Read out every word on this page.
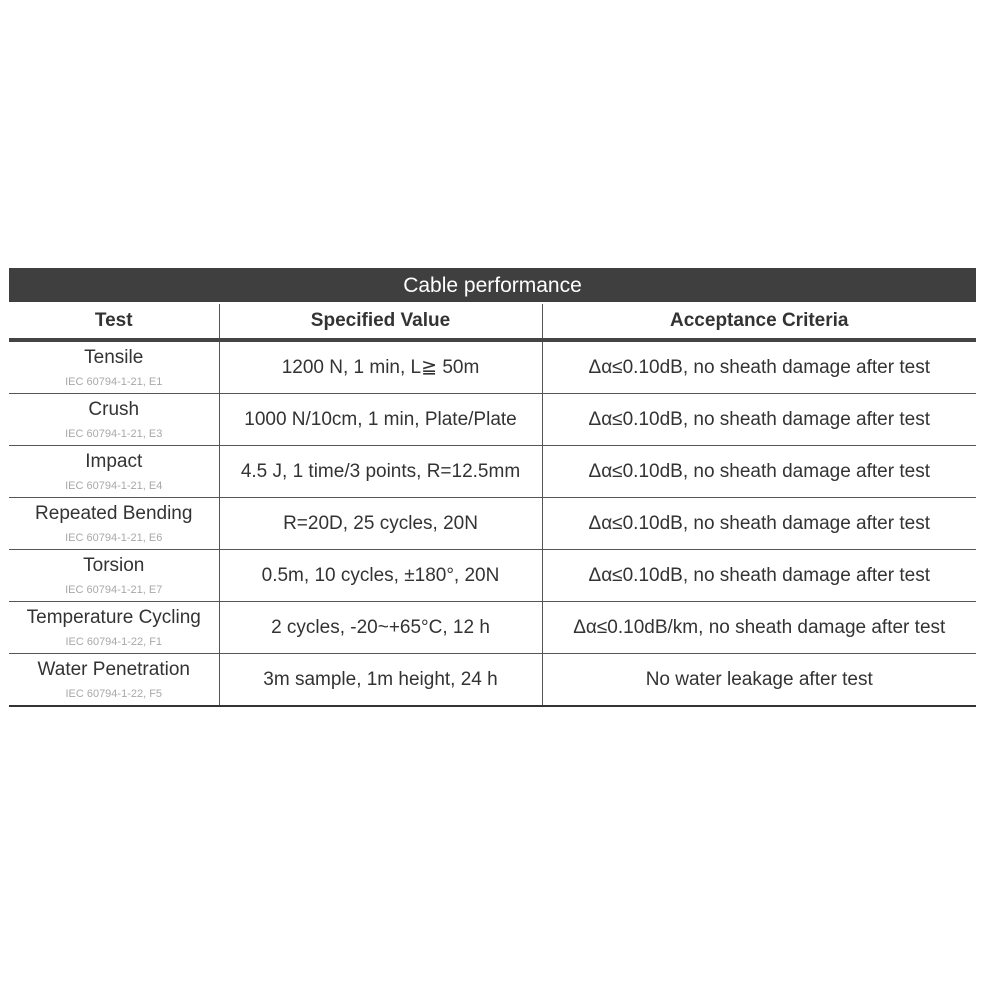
Cable performance
Test	Specified Value	Acceptance Criteria

Tensile
IEC 60794-1-21, E1	1200 N, 1 min, L≧ 50m	Δα≤0.10dB, no sheath damage after test

Crush
IEC 60794-1-21, E3	1000 N/10cm, 1 min, Plate/Plate	Δα≤0.10dB, no sheath damage after test

Impact
IEC 60794-1-21, E4	4.5 J, 1 time/3 points, R=12.5mm	Δα≤0.10dB, no sheath damage after test

Repeated Bending
IEC 60794-1-21, E6	R=20D, 25 cycles, 20N	Δα≤0.10dB, no sheath damage after test

Torsion
IEC 60794-1-21, E7	0.5m, 10 cycles, ±180°, 20N	Δα≤0.10dB, no sheath damage after test

Temperature Cycling
IEC 60794-1-22, F1	2 cycles, -20~+65°C, 12 h	Δα≤0.10dB/km, no sheath damage after test

Water Penetration
IEC 60794-1-22, F5	3m sample, 1m height, 24 h	No water leakage after test
